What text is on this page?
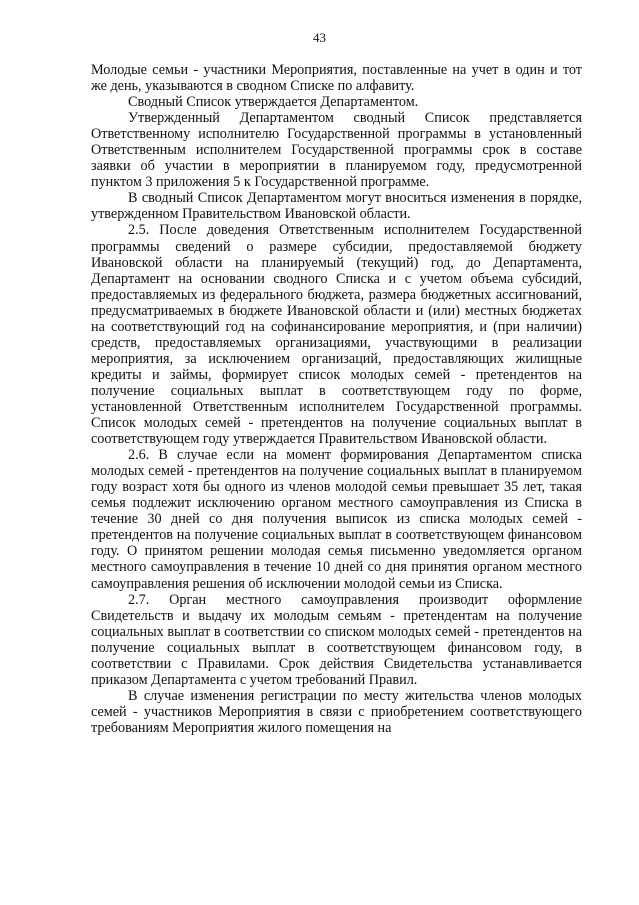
43

Молодые семьи - участники Мероприятия, поставленные на учет в один и тот же день, указываются в сводном Списке по алфавиту.

Сводный Список утверждается Департаментом.

Утвержденный Департаментом сводный Список представляется Ответственному исполнителю Государственной программы в установленный Ответственным исполнителем Государственной программы срок в составе заявки об участии в мероприятии в планируемом году, предусмотренной пунктом 3 приложения 5 к Государственной программе.

В сводный Список Департаментом могут вноситься изменения в порядке, утвержденном Правительством Ивановской области.

2.5. После доведения Ответственным исполнителем Государственной программы сведений о размере субсидии, предоставляемой бюджету Ивановской области на планируемый (текущий) год, до Департамента, Департамент на основании сводного Списка и с учетом объема субсидий, предоставляемых из федерального бюджета, размера бюджетных ассигнований, предусматриваемых в бюджете Ивановской области и (или) местных бюджетах на соответствующий год на софинансирование мероприятия, и (при наличии) средств, предоставляемых организациями, участвующими в реализации мероприятия, за исключением организаций, предоставляющих жилищные кредиты и займы, формирует список молодых семей - претендентов на получение социальных выплат в соответствующем году по форме, установленной Ответственным исполнителем Государственной программы. Список молодых семей - претендентов на получение социальных выплат в соответствующем году утверждается Правительством Ивановской области.

2.6. В случае если на момент формирования Департаментом списка молодых семей - претендентов на получение социальных выплат в планируемом году возраст хотя бы одного из членов молодой семьи превышает 35 лет, такая семья подлежит исключению органом местного самоуправления из Списка в течение 30 дней со дня получения выписок из списка молодых семей - претендентов на получение социальных выплат в соответствующем финансовом году. О принятом решении молодая семья письменно уведомляется органом местного самоуправления в течение 10 дней со дня принятия органом местного самоуправления решения об исключении молодой семьи из Списка.

2.7. Орган местного самоуправления производит оформление Свидетельств и выдачу их молодым семьям - претендентам на получение социальных выплат в соответствии со списком молодых семей - претендентов на получение социальных выплат в соответствующем финансовом году, в соответствии с Правилами. Срок действия Свидетельства устанавливается приказом Департамента с учетом требований Правил.

В случае изменения регистрации по месту жительства членов молодых семей - участников Мероприятия в связи с приобретением соответствующего требованиям Мероприятия жилого помещения на
